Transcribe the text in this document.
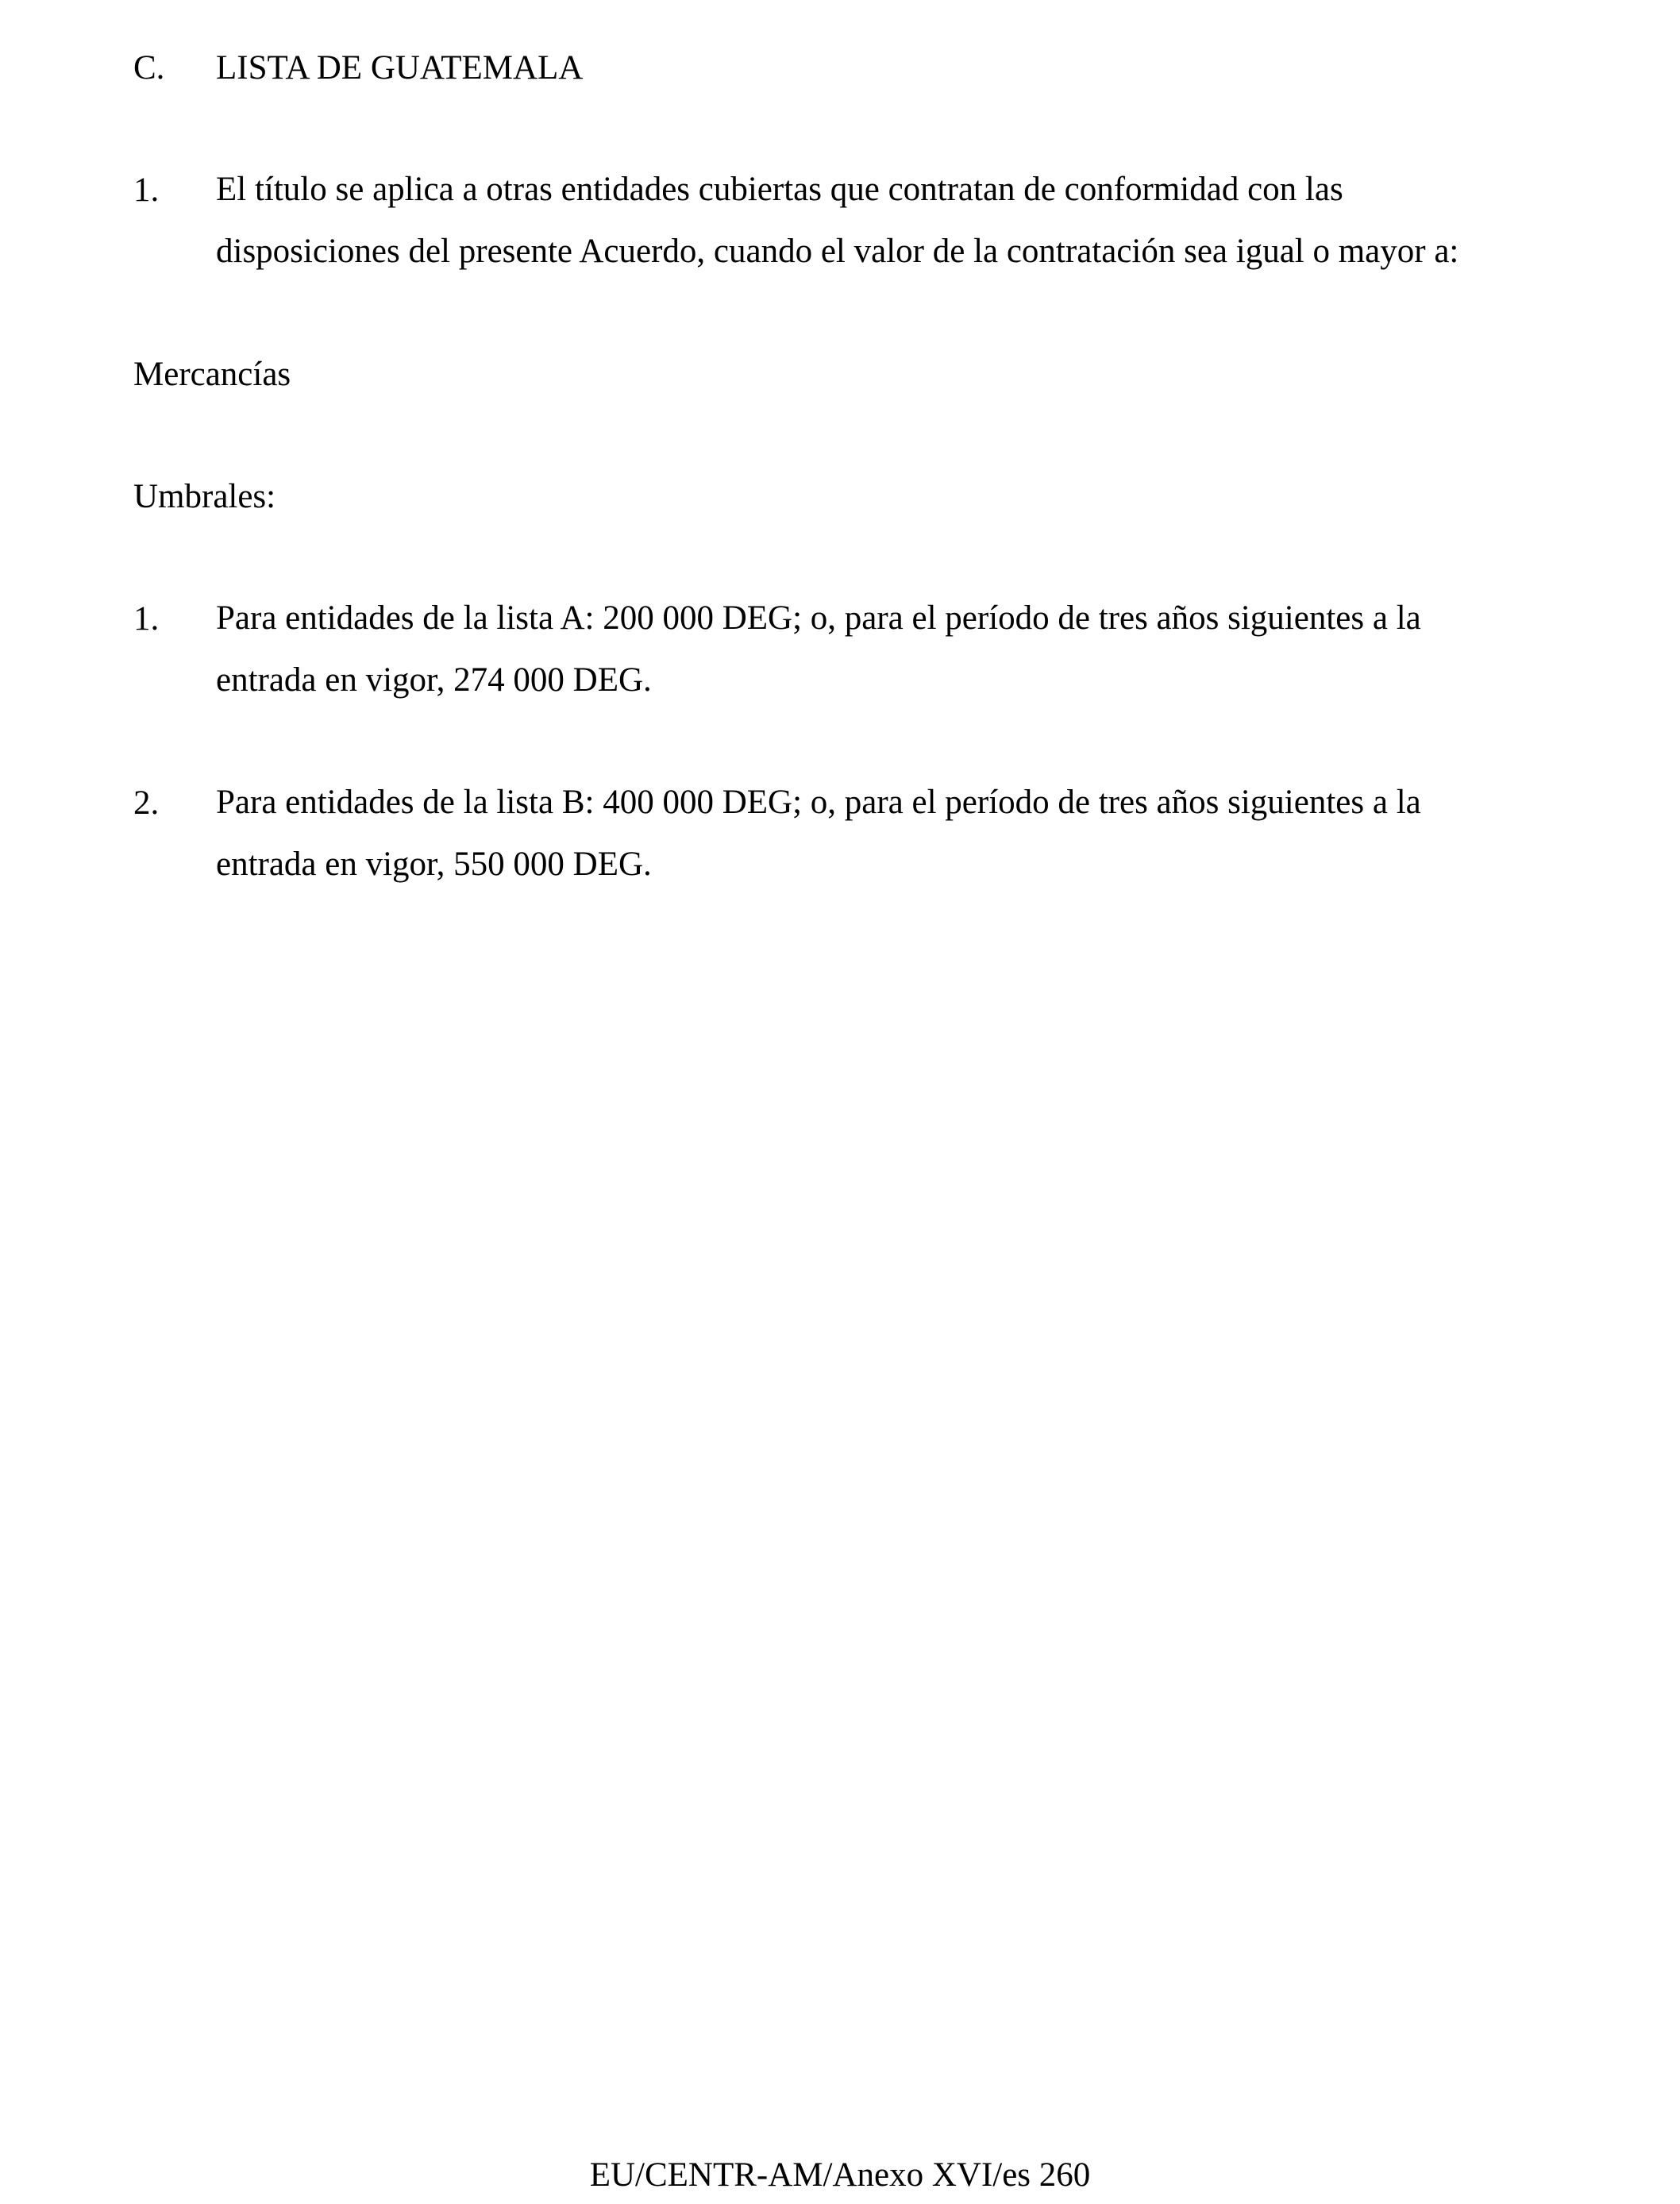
C. LISTA DE GUATEMALA
1. El título se aplica a otras entidades cubiertas que contratan de conformidad con las
disposiciones del presente Acuerdo, cuando el valor de la contratación sea igual o mayor a:
Mercancías
Umbrales:
1. Para entidades de la lista A: 200 000 DEG; o, para el período de tres años siguientes a la
entrada en vigor, 274 000 DEG.
2. Para entidades de la lista B: 400 000 DEG; o, para el período de tres años siguientes a la
entrada en vigor, 550 000 DEG.
EU/CENTR-AM/Anexo XVI/es 260
